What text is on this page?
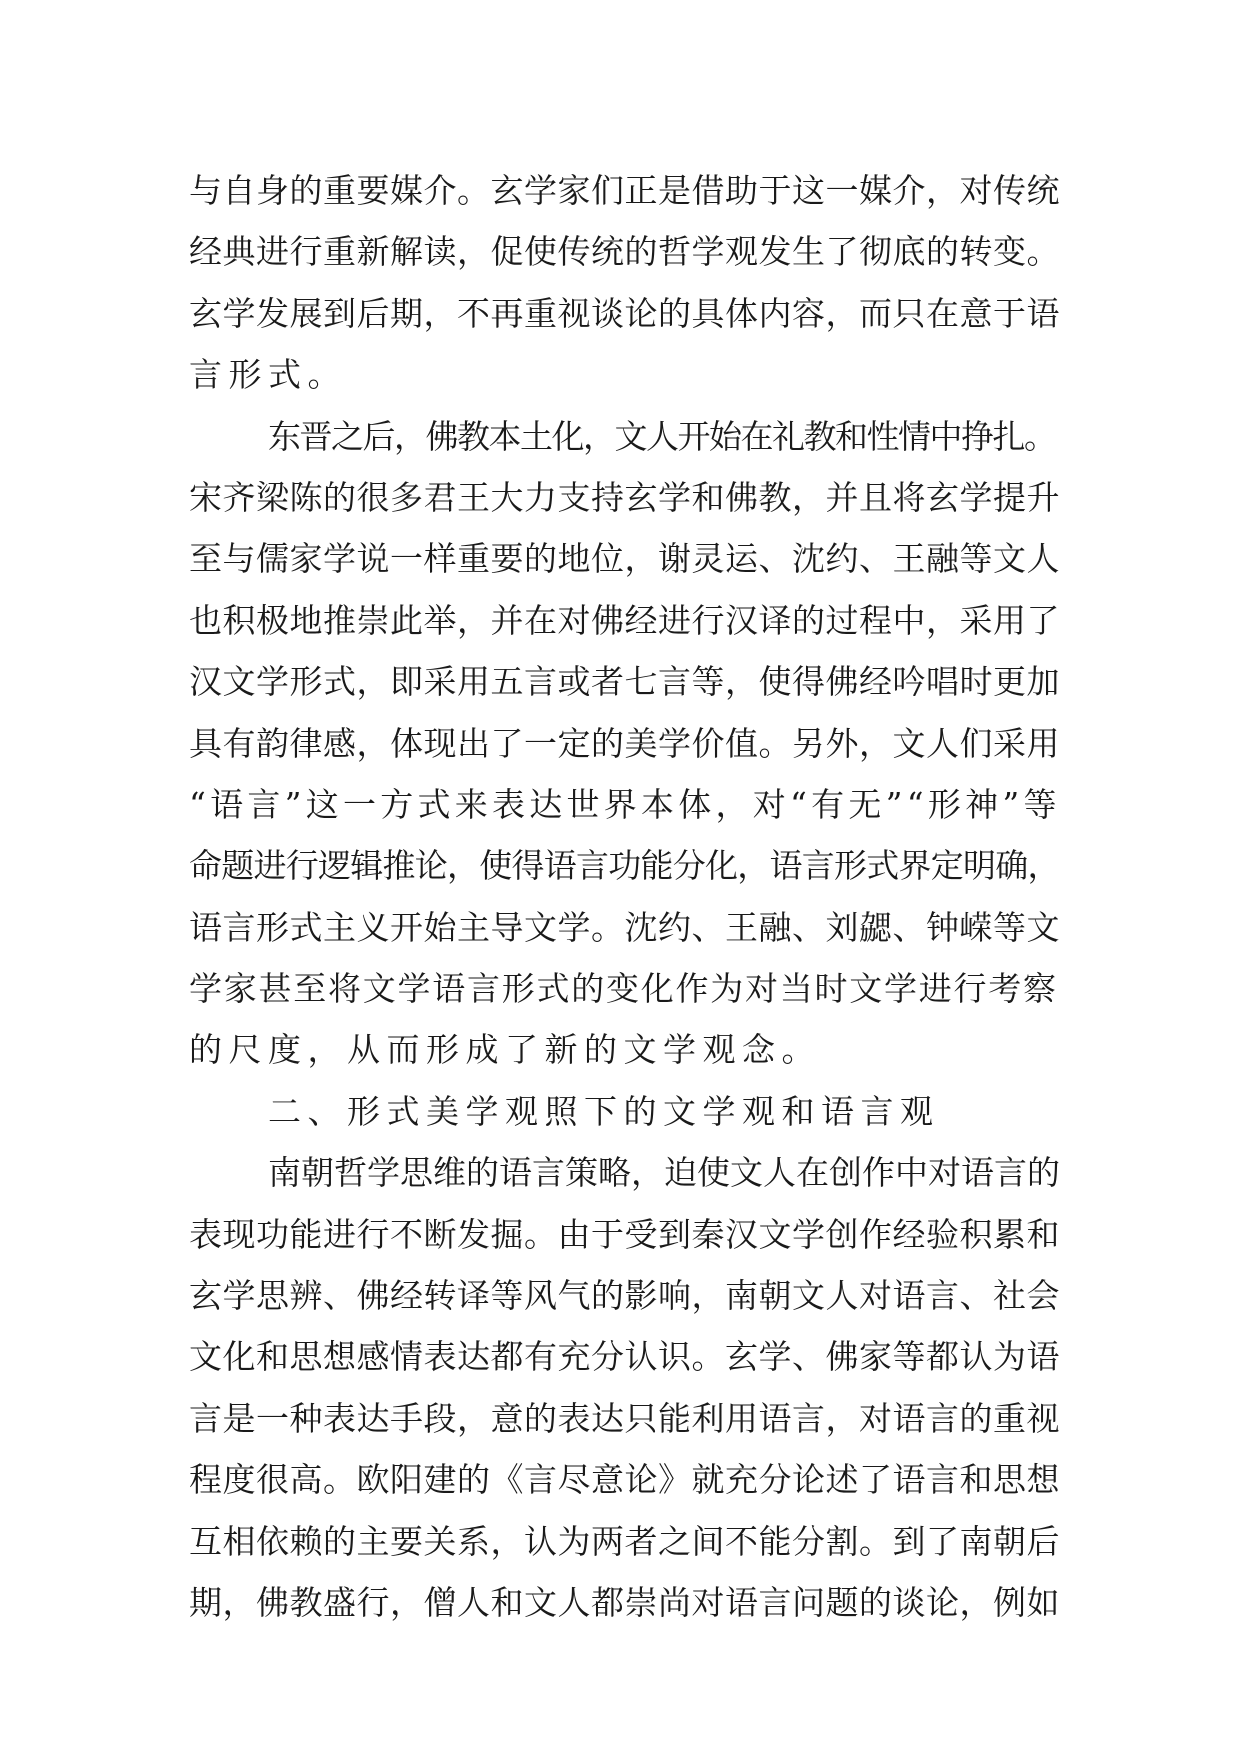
与自身的重要媒介。玄学家们正是借助于这一媒介，对传统
经典进行重新解读，促使传统的哲学观发生了彻底的转变。
玄学发展到后期，不再重视谈论的具体内容，而只在意于语
言形式。
东晋之后，佛教本土化，文人开始在礼教和性情中挣扎。
宋齐梁陈的很多君王大力支持玄学和佛教，并且将玄学提升
至与儒家学说一样重要的地位，谢灵运、沈约、王融等文人
也积极地推崇此举，并在对佛经进行汉译的过程中，采用了
汉文学形式，即采用五言或者七言等，使得佛经吟唱时更加
具有韵律感，体现出了一定的美学价值。另外，文人们采用
“语言”这一方式来表达世界本体，对“有无”“形神”等
命题进行逻辑推论，使得语言功能分化，语言形式界定明确，
语言形式主义开始主导文学。沈约、王融、刘勰、钟嵘等文
学家甚至将文学语言形式的变化作为对当时文学进行考察
的尺度，从而形成了新的文学观念。
二、形式美学观照下的文学观和语言观
南朝哲学思维的语言策略，迫使文人在创作中对语言的
表现功能进行不断发掘。由于受到秦汉文学创作经验积累和
玄学思辨、佛经转译等风气的影响，南朝文人对语言、社会
文化和思想感情表达都有充分认识。玄学、佛家等都认为语
言是一种表达手段，意的表达只能利用语言，对语言的重视
程度很高。欧阳建的《言尽意论》就充分论述了语言和思想
互相依赖的主要关系，认为两者之间不能分割。到了南朝后
期，佛教盛行，僧人和文人都崇尚对语言问题的谈论，例如
